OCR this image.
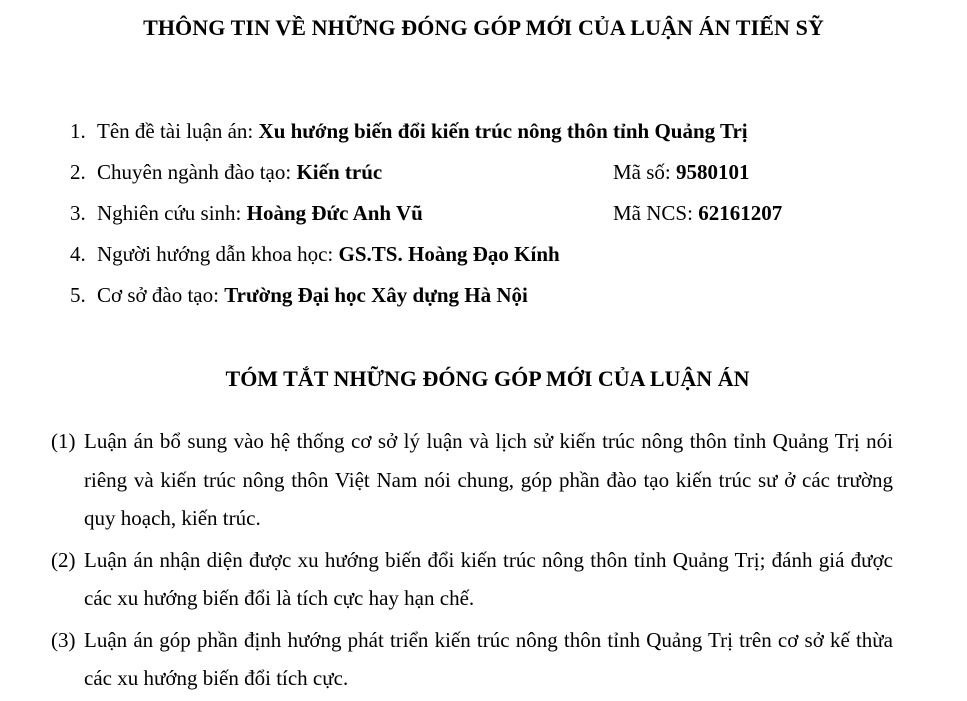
THÔNG TIN VỀ NHỮNG ĐÓNG GÓP MỚI CỦA LUẬN ÁN TIẾN SỸ
1. Tên đề tài luận án: Xu hướng biến đổi kiến trúc nông thôn tỉnh Quảng Trị
2. Chuyên ngành đào tạo: Kiến trúc	Mã số: 9580101
3. Nghiên cứu sinh: Hoàng Đức Anh Vũ	Mã NCS: 62161207
4. Người hướng dẫn khoa học: GS.TS. Hoàng Đạo Kính
5. Cơ sở đào tạo: Trường Đại học Xây dựng Hà Nội
TÓM TẮT NHỮNG ĐÓNG GÓP MỚI CỦA LUẬN ÁN
(1) Luận án bổ sung vào hệ thống cơ sở lý luận và lịch sử kiến trúc nông thôn tỉnh Quảng Trị nói riêng và kiến trúc nông thôn Việt Nam nói chung, góp phần đào tạo kiến trúc sư ở các trường quy hoạch, kiến trúc.
(2) Luận án nhận diện được xu hướng biến đổi kiến trúc nông thôn tỉnh Quảng Trị; đánh giá được các xu hướng biến đổi là tích cực hay hạn chế.
(3) Luận án góp phần định hướng phát triển kiến trúc nông thôn tỉnh Quảng Trị trên cơ sở kế thừa các xu hướng biến đổi tích cực.
